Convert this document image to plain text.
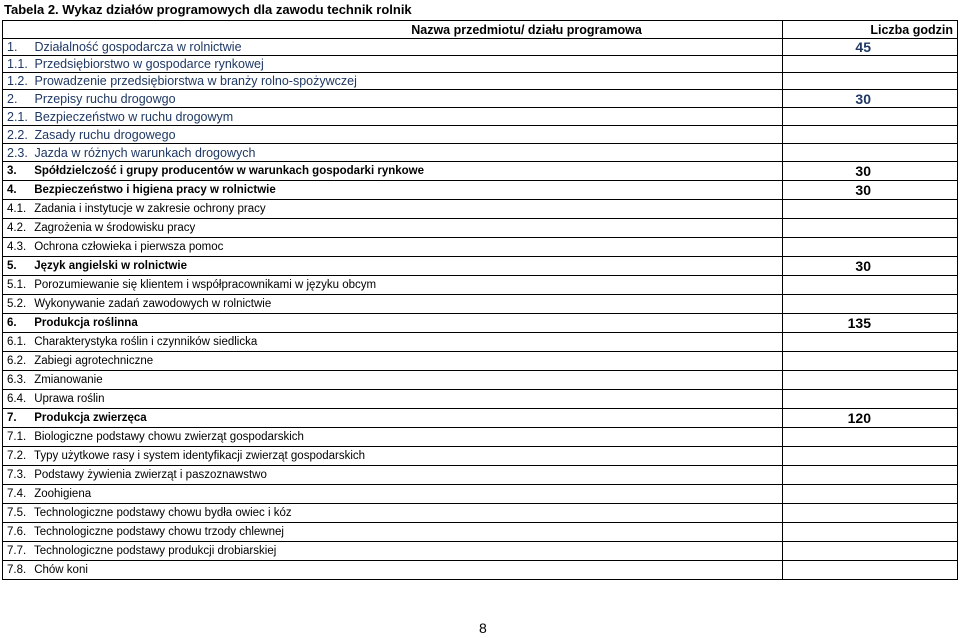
Tabela 2. Wykaz działów programowych dla zawodu technik rolnik
Nazwa przedmiotu/ działu programowa	Liczba godzin
1. Działalność gospodarcza w rolnictwie	45
1.1. Przedsiębiorstwo w gospodarce rynkowej	
1.2. Prowadzenie przedsiębiorstwa w branży rolno-spożywczej	
2. Przepisy ruchu drogowgo	30
2.1. Bezpieczeństwo w ruchu drogowym	
2.2. Zasady ruchu drogowego	
2.3. Jazda w różnych warunkach drogowych	
3. Spółdzielczość i grupy producentów w warunkach gospodarki rynkowe	30
4. Bezpieczeństwo i higiena pracy w rolnictwie	30
4.1. Zadania i instytucje w zakresie ochrony pracy	
4.2. Zagrożenia w środowisku pracy	
4.3. Ochrona człowieka i pierwsza pomoc	
5. Język angielski w rolnictwie	30
5.1. Porozumiewanie się klientem i współpracownikami w języku obcym	
5.2. Wykonywanie zadań zawodowych w rolnictwie	
6. Produkcja roślinna	135
6.1. Charakterystyka roślin i czynników siedlicka	
6.2. Zabiegi agrotechniczne	
6.3. Zmianowanie	
6.4. Uprawa roślin	
7. Produkcja zwierzęca	120
7.1. Biologiczne podstawy chowu zwierząt gospodarskich	
7.2. Typy użytkowe rasy i system identyfikacji zwierząt gospodarskich	
7.3. Podstawy żywienia zwierząt i paszoznawstwo	
7.4. Zoohigiena	
7.5. Technologiczne podstawy chowu bydła owiec i kóz	
7.6. Technologiczne podstawy chowu trzody chlewnej	
7.7. Technologiczne podstawy produkcji drobiarskiej	
7.8. Chów koni	
8
